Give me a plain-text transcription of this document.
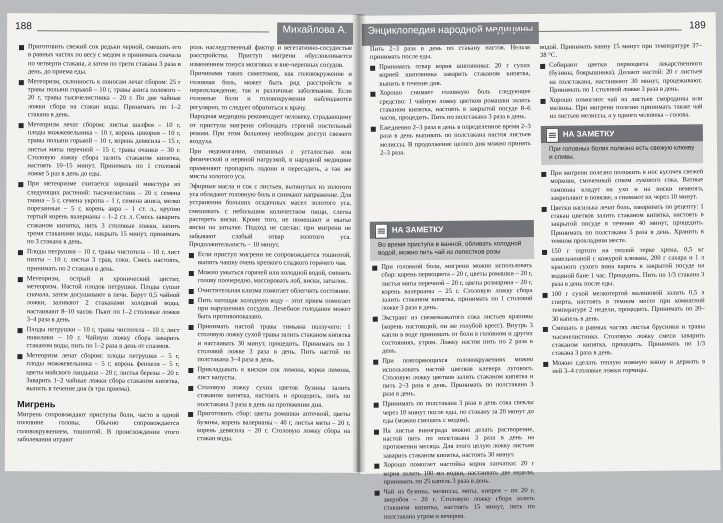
188	Михайлова А.
Приготовить свежий сок редьки черной, смешать его в равных частях по весу с медом и принимать сначала по четверти стакана, а затем по трети стакана 3 раза в день, до приема еды.
Метеоризм, склонность к поносам лечат сбором: 25 г травы полыни горькой – 10 г, травы аниса полевого – 20 г, травы тысячелистника – 20 г. По две чайные ложки сбора на стакан воды. Принимать по 1–2 стакана в день.
Метеоризм лечат сбором: листья шалфея – 10 г, плоды можжевельника – 10 г, корень цикория – 10 г, травы полыни горькой – 10 г, корень девясила – 15 г, листья мяты перечной – 15 г, травы очанки – 30 г. Столовую ложку сбора залить стаканом кипятка, настоять 10–15 минут. Принимать по 1 столовой ложке 5 раз в день до еды.
При метеоризме считается хорошей микстура из следующих растений: тысячелистник – 20 г, семена тмина – 5 г, семена укропа – 1 г, семена аниса, мелко порезанные – 5 г, корень аира – 1 ст. л., крупно тертый корень валерианы – 1–2 ст. л. Смесь заварить стаканом кипятка, пить 3 столовые ложки, запить тремя стаканами воды, накрыть 15 минут, принимать по 3 стакана в день.
Плоды петрушки – 10 г, травы чистотела – 10 г, лист пихты – 10 г, листья 3 трав, соки. Смесь настоять, принимать по 2 стакана в день.
Метеоризм, острый и хронический цистит, метеоризм. Настой плодов петрушки. Плоды сушат сначала, затем досушивают в печи. Берут 0,5 чайной ложки, заливают 2 стаканами холодной воды, настаивают 8–10 часов. Пьют по 1–2 столовые ложки 3–4 раза в день.
Плоды петрушки – 10 г, травы чистотела – 10 г, лист повилики – 10 г. Чайную ложку сбора заварить стаканом воды, пить по 1–2 раза в день от спазмов.
Метеоризм лечат сбором: плоды петрушки – 5 г, плоды можжевельника – 5 г, корень фенхеля – 5 г, цветы майского ландыша – 20 г, листья березы – 20 г. Заварить 1–2 чайные ложки сбора стаканом кипятка, выпить в течение дня (в три приема).
Мигрень

Мигрень сопровождают приступы боли, часто в одной половине головы. Обычно сопровождается головокружением, тошнотой. В происхождении этого заболевания играют

роль наследственный фактор и вегетативно-сосудистые расстройства. Приступ мигрени обусловливается изменением тонуса мозговых и вне-черепных сосудов.

Причинами таких симптомов, как головокружение и головная боль, может быть ряд расстройств и переохлаждение, так и различные заболевания. Если головные боли и головокружения наблюдаются регулярно, то следует обратиться к врачу.

Народная медицина рекомендует человеку, страдающему от приступа мигрени соблюдать строгий постельный режим. При этом больному необходим доступ свежего воздуха.

При недомогании, связанных с усталостью или физической и нервной нагрузкой, в народной медицине применяют пропарить ладони и пересадить, а так же мисты золотого уса.

Эфирные масла и сок с листьев, вытянутых из золотого уса обладают головную боль и снимают напряжение. Для устранения больших осадочных масел золотого уса, смешивать с небольшим количеством пищи, слегка растереть виски. Кроме того, не помешают и мытье виски на затылке. Подход не сделан: при мигрени не забывают слабый отвар золотого уса. Продолжительность – 10 минут.

Если приступ мигрени не сопровождается тошнотой, выпить чашку очень крепкого сладкого горячего чая.
Можно умыться горячей или холодной водой, сменять голову поочередно, массировать лоб, виски, затылок.
Очистительная клизма помогает облегчить состояние.
Пить натощак холодную воду – этот прием помогает при нарушениях сосудов. Лечебное голодание может быть противопоказано.
Принимать настой травы тимьяна ползучего: 1 столовую ложку сухой травы залить стаканом кипятка и настаивать 30 минут, процедить. Принимать по 1 столовой ложке 3 раза в день. Пить настой по полстакана 3–4 раза в день.
Прикладывать к вискам сок лимона, корки лимона, лист капусты.
Столовую ложку сухих цветов бузины залить стаканом кипятка, настоять и процедить, пить по полстакана 3 раза в день на протяжении дня.
Приготовить сбор: цветы ромашки аптечной, цветы бузины, корень валерианы – 40 г, листья мяты – 20 г, корень девясила – 20 г. Столовую ложку сбора на стакан воды.
Энциклопедия народной медицины	189

Пить 2–3 раза в день по стакану настоя. Нельзя принимать после еды.

Принимать отвар корня шиповника: 20 г сухих корней шиповника заварить стаканом кипятка, выпить в течение дня.
Хорошо снимает головную боль следующее средство: 1 чайную ложку цветков ромашки залить стаканом кипятка, настоять в закрытой посуде 8–6 часов, процедить. Пить по полстакана 3 раза в день.
Ежедневно 2–3 раза в день в определенное время 2–3 раза в день выпивать по полстакана настоя листьев мелиссы. В продолжение целого дня можно принять 2–3 раза.
НА ЗАМЕТКУ
Во время приступа в ванной, обливать холодной водой, можно пить чай из лепестков розы
При головной боли, мигрени можно использовать сбор: корень первоцвета – 20 г, цветы ромашки – 20 г, листья мяты перечной – 20 г, цветы розмарина – 20 г, корень валерианы – 25 г. Столовую ложку сбора залить стаканом кипятка, принимать по 1 столовой ложке 3 раза в день.
Экстракт из свежевыжатого сока листьев крапивы (корень настоящий, он же голубой кресс). Внутрь 3 капли в воде принимать от боли в головном и других состояниях, утром. Ложку настоя пить по 2 раза в день.
При повторяющихся головокружениях можно использовать настой цветков клевера лугового. Столовую ложку цветков залить стаканом кипятка и пить 2–3 раза в день. Принимать по полстакана 3 раза в день.
Принимать по полстакана 3 раза в день сока свеклы через 10 минут после еды, по стакану за 20 минут до еды (можно смешать с медом).
На листья винограда можно делать растворение, настой пить по полстакана 3 раза в день на протяжении месяца. Для этого целую ложку листьев заварить стаканом кипятка, настоять 30 минут.
Хорошо помогает настойка корня лапчатки: 20 г корня залить 100 мл водки, настаивать две недели, принимать по 25 капель 3 раза в день.
Чай из бузины, мелиссы, мяты, кипрея – по 20 г, зверобоя – 20 г. Столовую ложку сбора залить стаканом кипятка, настоять 15 минут, пить по полстакана утром и вечером.

водой. Принимать ванну 15 минут при температуре 37–38 °С.

Собирают цветки первоцвета лекарственного (бузины, боярышника). Делают настой: 20 г листьев на полстакана, настаивают 30 минут, процеживают. Принимать по 1 столовой ложке 3 раза в день.
Хорошо помогают чай из листьев смородины или малины. При мигрени полезно принимать также чай из листьев мелиссы, а у одного человека – голова.
НА ЗАМЕТКУ
При головных болях полезно есть свежую клюкву и сливы.
При мигрени полезно положить в нос кусочек свежей моркови, смоченный соком лукового сока. Ватные тампоны кладут на ухо и на виски немного, закрепляют в повязке, а снимают их через 10 минут.
Цветки василька лечат боль, заваривать по рецепту: 1 стакан цветков залить стаканом кипятка, настоять в закрытой посуде в течение 40 минут, процедить. Принимать по полстакана 3 раза в день. Хранить в темном прохладном месте.
150 г тертого на теплой терке хрена, 0,5 кг измельченной с кожурой клюквы, 200 г сахара и 1 л красного сухого вина варить в закрытой посуде на водяной бане 1 час. Процедить. Пить по 1/3 стакана 3 раза в день после еды.
100 г сухой мелкотертой малиновой залить 0,5 л спирта, настоять в темном месте при комнатной температуре 2 недели, процедить. Принимать по 20–30 капель в день.
Смешать в равных частях листья брусники и травы тысячелистника. Столовую ложку смеси заварить стаканом кипятка, процедить. Принимать по 1/3 стакана 3 раза в день.
Можно сделать теплую ножную ванну и держать в ней 3–4 столовые ложки горчицы.
